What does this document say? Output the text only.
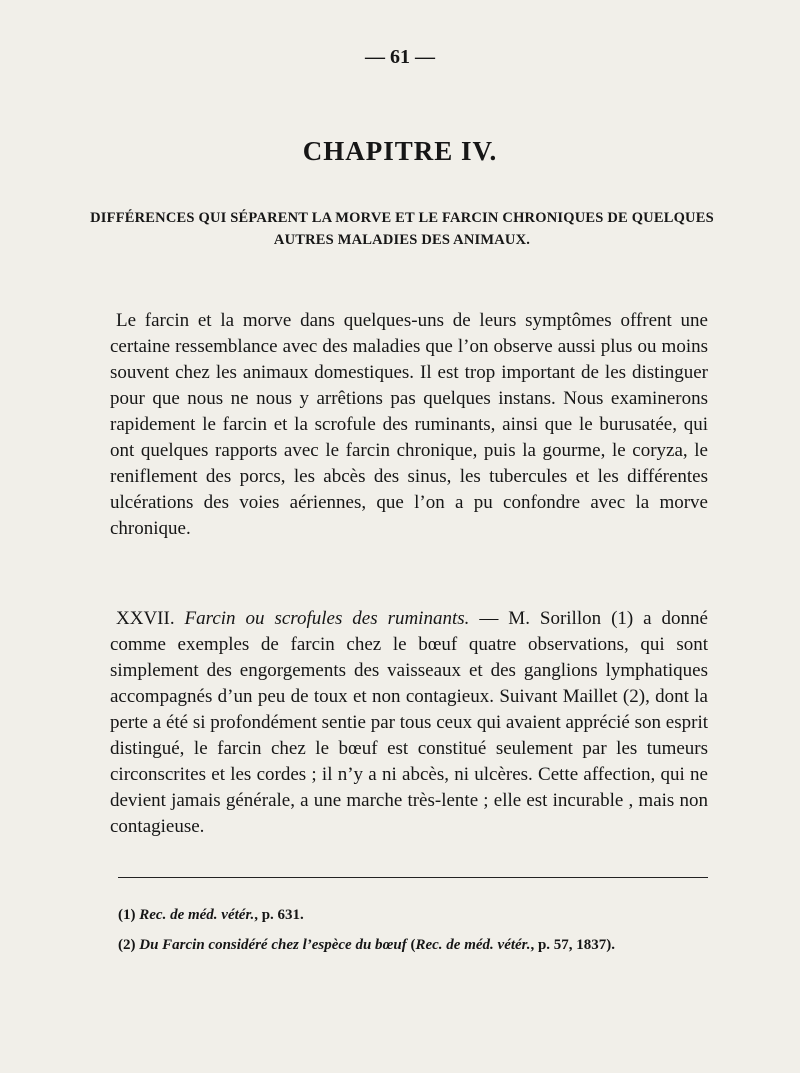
— 61 —
CHAPITRE IV.
DIFFÉRENCES QUI SÉPARENT LA MORVE ET LE FARCIN CHRONIQUES DE QUELQUES AUTRES MALADIES DES ANIMAUX.
Le farcin et la morve dans quelques-uns de leurs symptômes offrent une certaine ressemblance avec des maladies que l’on observe aussi plus ou moins souvent chez les animaux domestiques. Il est trop important de les distinguer pour que nous ne nous y arrêtions pas quelques instans. Nous examinerons rapidement le farcin et la scrofule des ruminants, ainsi que le burusatée, qui ont quelques rapports avec le farcin chronique, puis la gourme, le coryza, le reniflement des porcs, les abcès des sinus, les tubercules et les différentes ulcérations des voies aériennes, que l’on a pu confondre avec la morve chronique.
XXVII. Farcin ou scrofules des ruminants. — M. Sorillon (1) a donné comme exemples de farcin chez le bœuf quatre observations, qui sont simplement des engorgements des vaisseaux et des ganglions lymphatiques accompagnés d’un peu de toux et non contagieux. Suivant Maillet (2), dont la perte a été si profondément sentie par tous ceux qui avaient apprécié son esprit distingué, le farcin chez le bœuf est constitué seulement par les tumeurs circonscrites et les cordes ; il n’y a ni abcès, ni ulcères. Cette affection, qui ne devient jamais générale, a une marche très-lente ; elle est incurable , mais non contagieuse.
(1) Rec. de méd. vétér., p. 631.
(2) Du Farcin considéré chez l’espèce du bœuf (Rec. de méd. vétér., p. 57, 1837).
